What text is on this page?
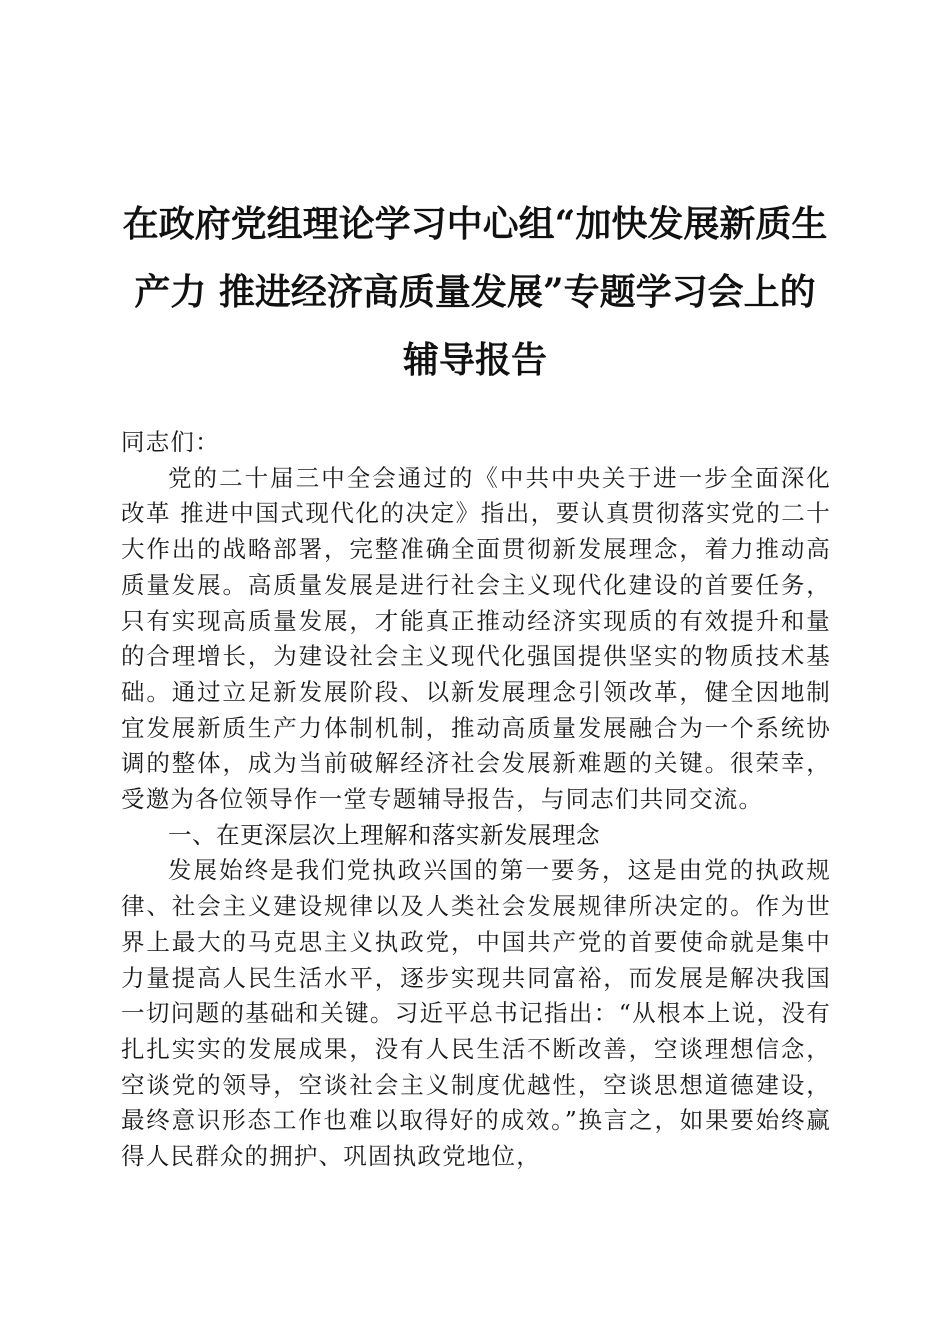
在政府党组理论学习中心组“加快发展新质生
产力 推进经济高质量发展”专题学习会上的
辅导报告

同志们：

党的二十届三中全会通过的《中共中央关于进一步全面深化改革 推进中国式现代化的决定》指出，要认真贯彻落实党的二十大作出的战略部署，完整准确全面贯彻新发展理念，着力推动高质量发展。高质量发展是进行社会主义现代化建设的首要任务，只有实现高质量发展，才能真正推动经济实现质的有效提升和量的合理增长，为建设社会主义现代化强国提供坚实的物质技术基础。通过立足新发展阶段、以新发展理念引领改革，健全因地制宜发展新质生产力体制机制，推动高质量发展融合为一个系统协调的整体，成为当前破解经济社会发展新难题的关键。很荣幸，受邀为各位领导作一堂专题辅导报告，与同志们共同交流。

一、在更深层次上理解和落实新发展理念

发展始终是我们党执政兴国的第一要务，这是由党的执政规律、社会主义建设规律以及人类社会发展规律所决定的。作为世界上最大的马克思主义执政党，中国共产党的首要使命就是集中力量提高人民生活水平，逐步实现共同富裕，而发展是解决我国一切问题的基础和关键。习近平总书记指出：“从根本上说，没有扎扎实实的发展成果，没有人民生活不断改善，空谈理想信念，空谈党的领导，空谈社会主义制度优越性，空谈思想道德建设，最终意识形态工作也难以取得好的成效。”换言之，如果要始终赢得人民群众的拥护、巩固执政党地位，
